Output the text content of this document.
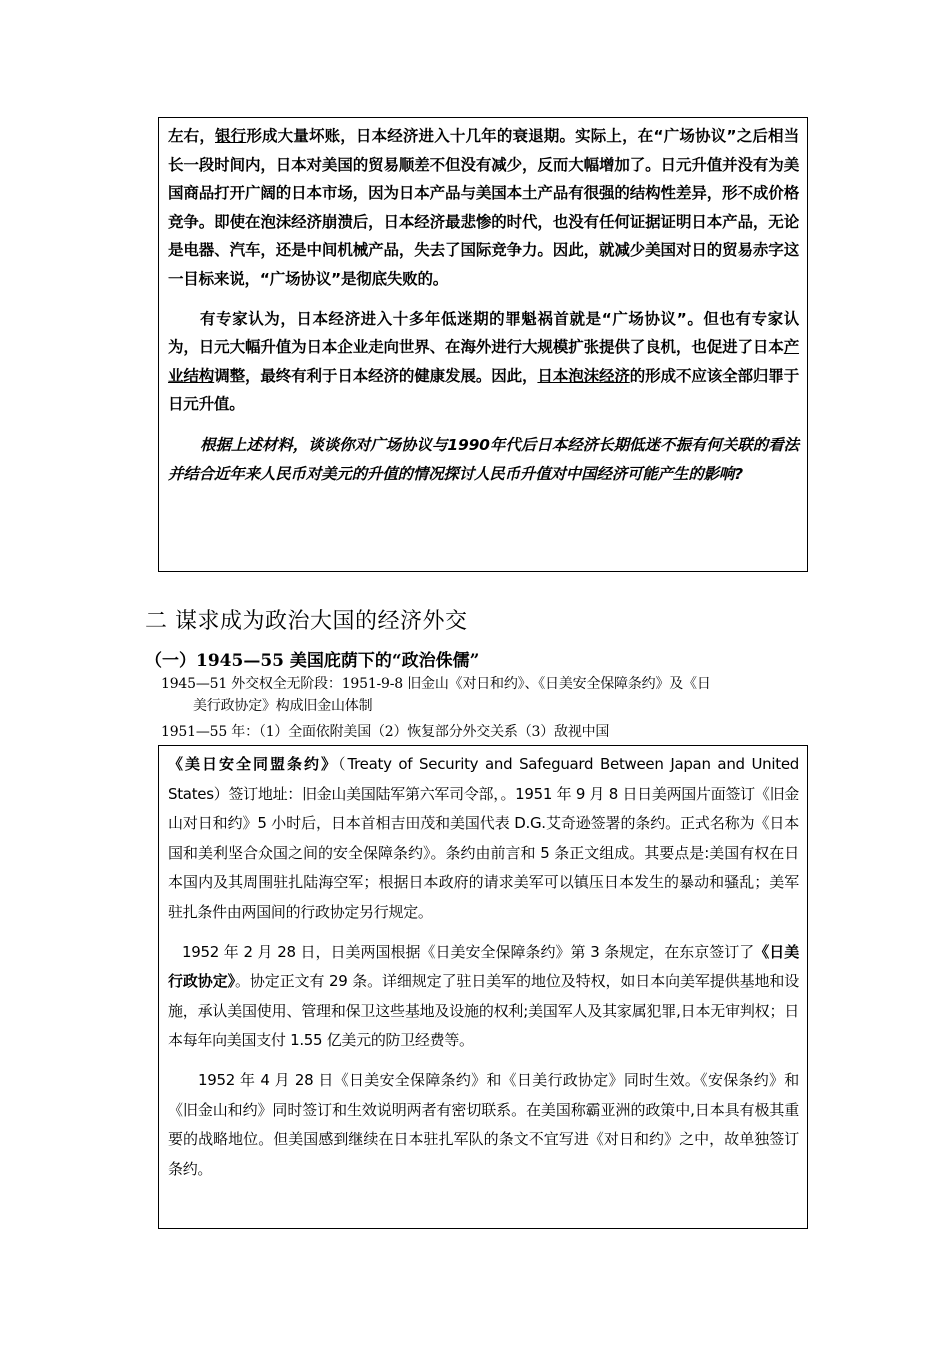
左右，银行形成大量坏账，日本经济进入十几年的衰退期。实际上，在“广场协议”之后相当长一段时间内，日本对美国的贸易顺差不但没有减少，反而大幅增加了。日元升值并没有为美国商品打开广阔的日本市场，因为日本产品与美国本土产品有很强的结构性差异，形不成价格竞争。即使在泡沫经济崩溃后，日本经济最悲惨的时代，也没有任何证据证明日本产品，无论是电器、汽车，还是中间机械产品，失去了国际竞争力。因此，就减少美国对日的贸易赤字这一目标来说，“广场协议”是彻底失败的。

有专家认为，日本经济进入十多年低迷期的罪魁祸首就是“广场协议”。但也有专家认为，日元大幅升值为日本企业走向世界、在海外进行大规模扩张提供了良机，也促进了日本产业结构调整，最终有利于日本经济的健康发展。因此，日本泡沫经济的形成不应该全部归罪于日元升值。

根据上述材料，谈谈你对广场协议与1990年代后日本经济长期低迷不振有何关联的看法并结合近年来人民币对美元的升值的情况探讨人民币升值对中国经济可能产生的影响?

二 谋求成为政治大国的经济外交
（一）1945—55 美国庇荫下的“政治侏儒”
1945—51 外交权全无阶段：1951-9-8 旧金山《对日和约》、《日美安全保障条约》及《日
美行政协定》构成旧金山体制
1951—55 年：（1）全面依附美国（2）恢复部分外交关系（3）敌视中国

《美日安全同盟条约》（Treaty of Security and Safeguard Between Japan and United States）签订地址：旧金山美国陆军第六军司令部，。1951 年 9 月 8 日日美两国片面签订《旧金山对日和约》5 小时后，日本首相吉田茂和美国代表 D.G.艾奇逊签署的条约。正式名称为《日本国和美利坚合众国之间的安全保障条约》。条约由前言和 5 条正文组成。其要点是:美国有权在日本国内及其周围驻扎陆海空军；根据日本政府的请求美军可以镇压日本发生的暴动和骚乱；美军驻扎条件由两国间的行政协定另行规定。

1952 年 2 月 28 日，日美两国根据《日美安全保障条约》第 3 条规定，在东京签订了《日美行政协定》。协定正文有 29 条。详细规定了驻日美军的地位及特权，如日本向美军提供基地和设施，承认美国使用、管理和保卫这些基地及设施的权利;美国军人及其家属犯罪,日本无审判权；日本每年向美国支付 1.55 亿美元的防卫经费等。

1952 年 4 月 28 日《日美安全保障条约》和《日美行政协定》同时生效。《安保条约》和《旧金山和约》同时签订和生效说明两者有密切联系。在美国称霸亚洲的政策中,日本具有极其重要的战略地位。但美国感到继续在日本驻扎军队的条文不宜写进《对日和约》之中，故单独签订条约。
